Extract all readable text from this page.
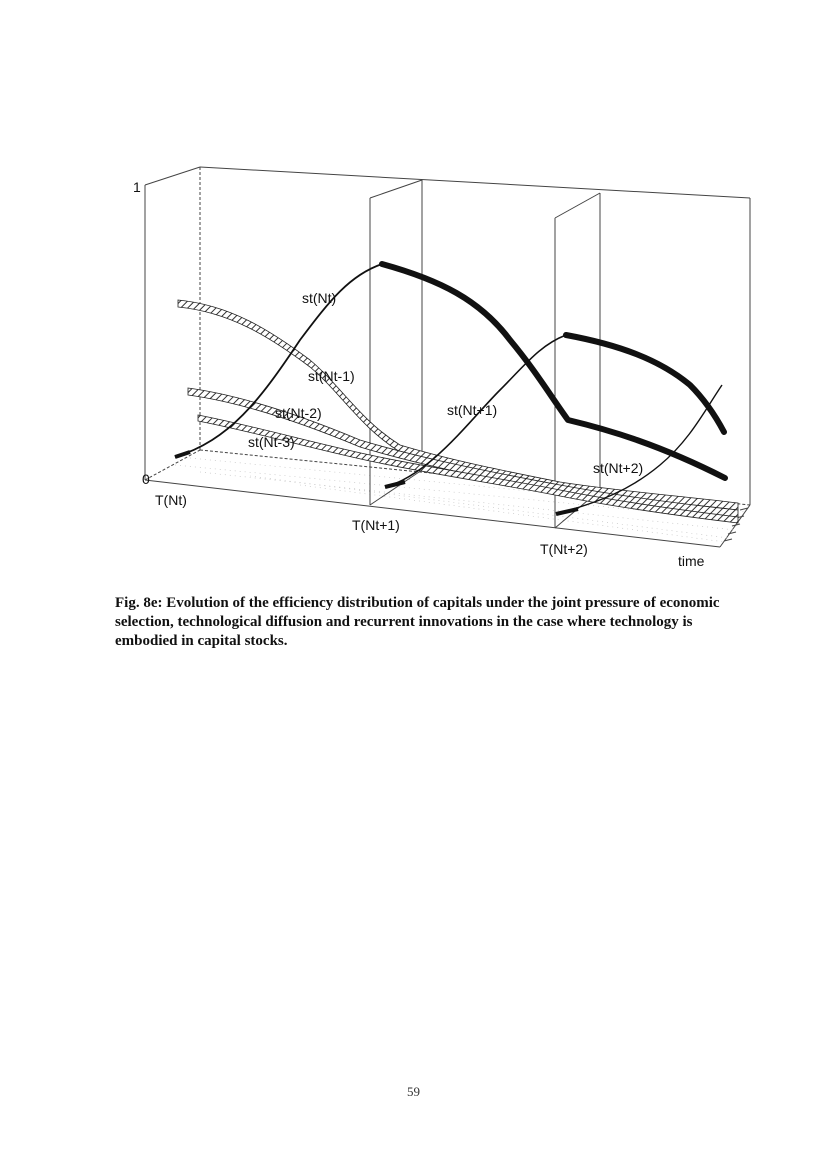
1
0
T(Nt)
T(Nt+1)
T(Nt+2)
time
st(Nt)
st(Nt-1)
st(Nt-2)
st(Nt-3)
st(Nt+1)
st(Nt+2)
Fig. 8e: Evolution of the efficiency distribution of capitals under the joint pressure of economic selection, technological diffusion and recurrent innovations in the case where technology is embodied in capital stocks.
59
